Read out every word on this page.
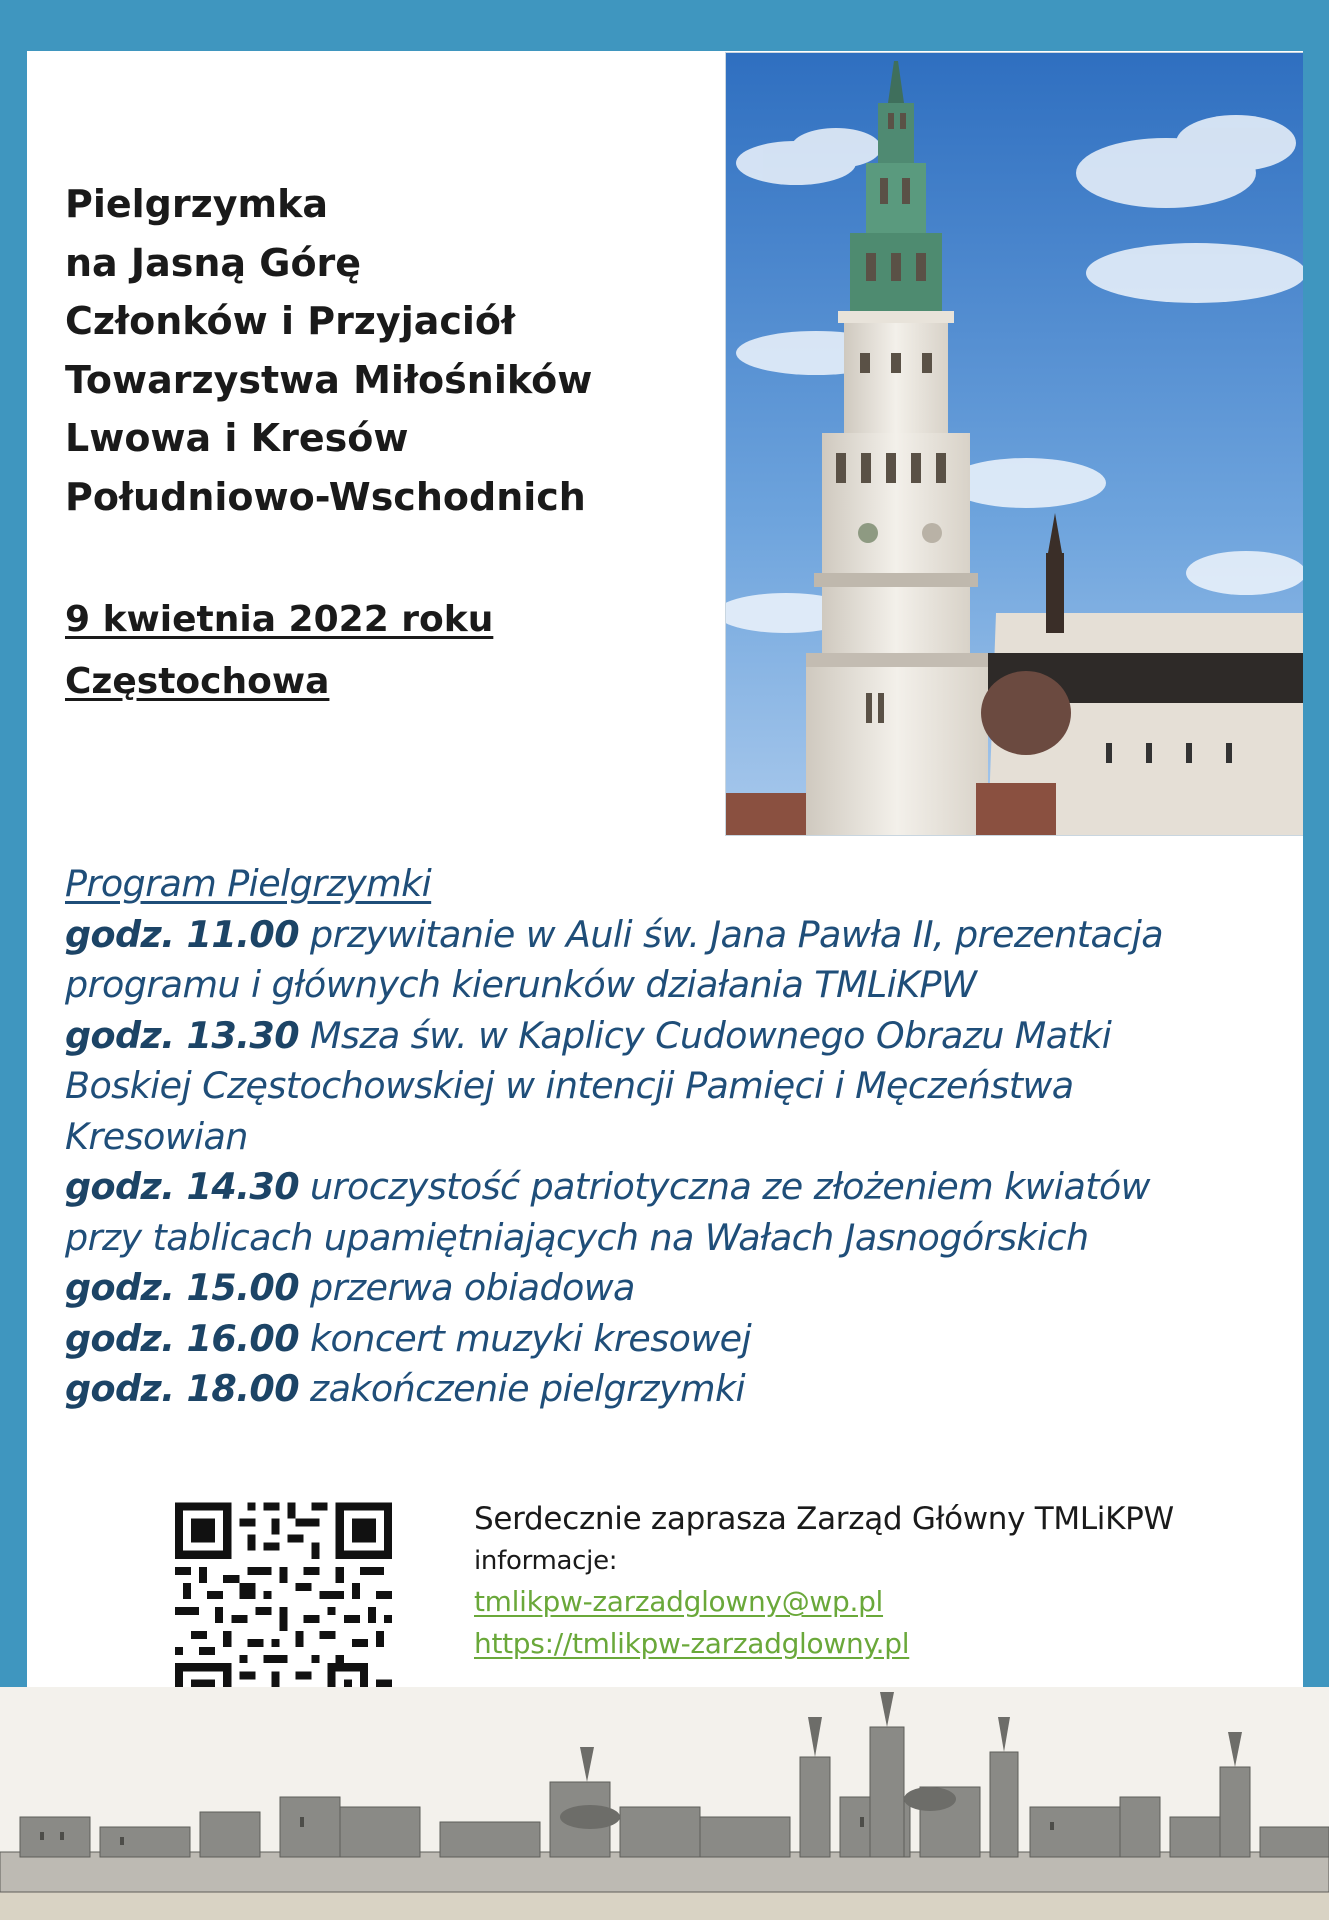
Pielgrzymka
na Jasną Górę
Członków i Przyjaciół
Towarzystwa Miłośników
Lwowa i Kresów
Południowo-Wschodnich
9 kwietnia 2022 roku
Częstochowa
Program Pielgrzymki
godz. 11.00 przywitanie w Auli św. Jana Pawła II, prezentacja
programu i głównych kierunków działania TMLiKPW
godz. 13.30 Msza św. w Kaplicy Cudownego Obrazu Matki
Boskiej Częstochowskiej w intencji Pamięci i Męczeństwa
Kresowian
godz. 14.30 uroczystość patriotyczna ze złożeniem kwiatów
przy tablicach upamiętniających na Wałach Jasnogórskich
godz. 15.00 przerwa obiadowa
godz. 16.00 koncert muzyki kresowej
godz. 18.00 zakończenie pielgrzymki
Serdecznie zaprasza Zarząd Główny TMLiKPW
informacje:
tmlikpw-zarzadglowny@wp.pl
https://tmlikpw-zarzadglowny.pl
